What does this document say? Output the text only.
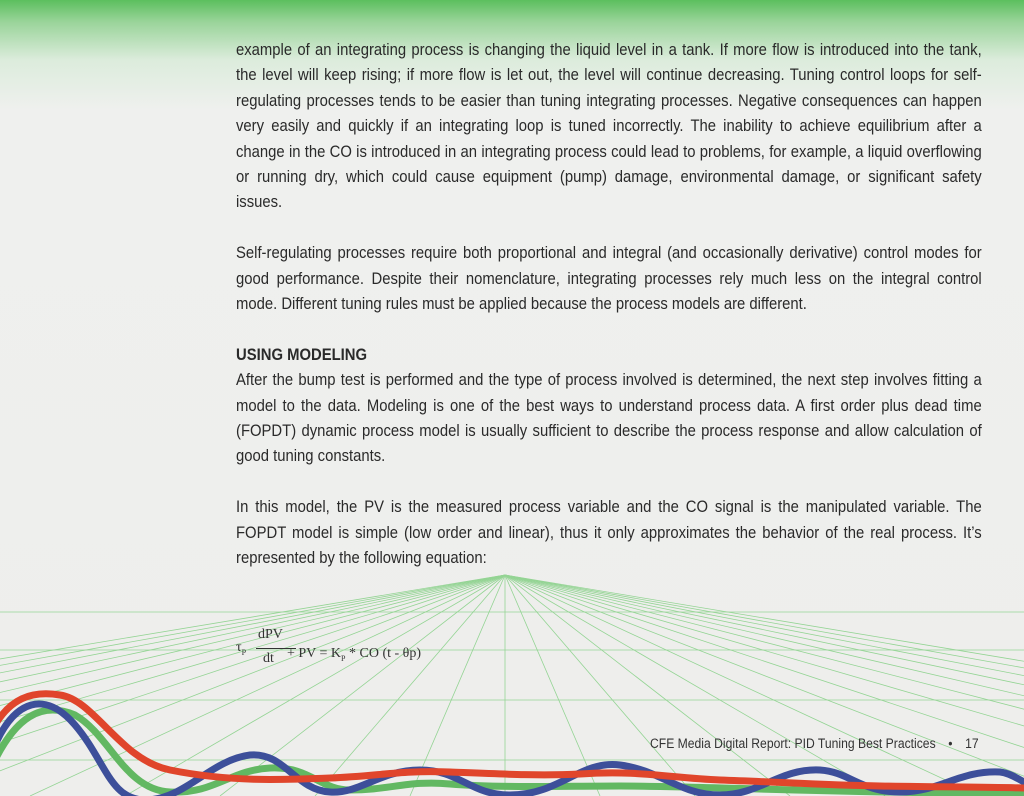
example of an integrating process is changing the liquid level in a tank. If more flow is introduced into the tank, the level will keep rising; if more flow is let out, the level will continue decreasing. Tuning control loops for self-regulating processes tends to be easier than tuning integrating processes. Negative consequences can happen very easily and quickly if an integrating loop is tuned incorrectly. The inability to achieve equilibrium after a change in the CO is introduced in an integrating process could lead to problems, for example, a liquid overflowing or running dry, which could cause equipment (pump) damage, environmental damage, or significant safety issues.

Self-regulating processes require both proportional and integral (and occasionally derivative) control modes for good performance. Despite their nomenclature, integrating processes rely much less on the integral control mode. Different tuning rules must be applied because the process models are different.

USING MODELING

After the bump test is performed and the type of process involved is determined, the next step involves fitting a model to the data. Modeling is one of the best ways to understand process data. A first order plus dead time (FOPDT) dynamic process model is usually sufficient to describe the process response and allow calculation of good tuning constants.

In this model, the PV is the measured process variable and the CO signal is the manipulated variable. The FOPDT model is simple (low order and linear), thus it only approximates the behavior of the real process. It’s represented by the following equation:

$\tau_P$
dPV
dt + PV = $K_P$ * CO (t - θp)
CFE Media Digital Report: PID Tuning Best Practices • 17
